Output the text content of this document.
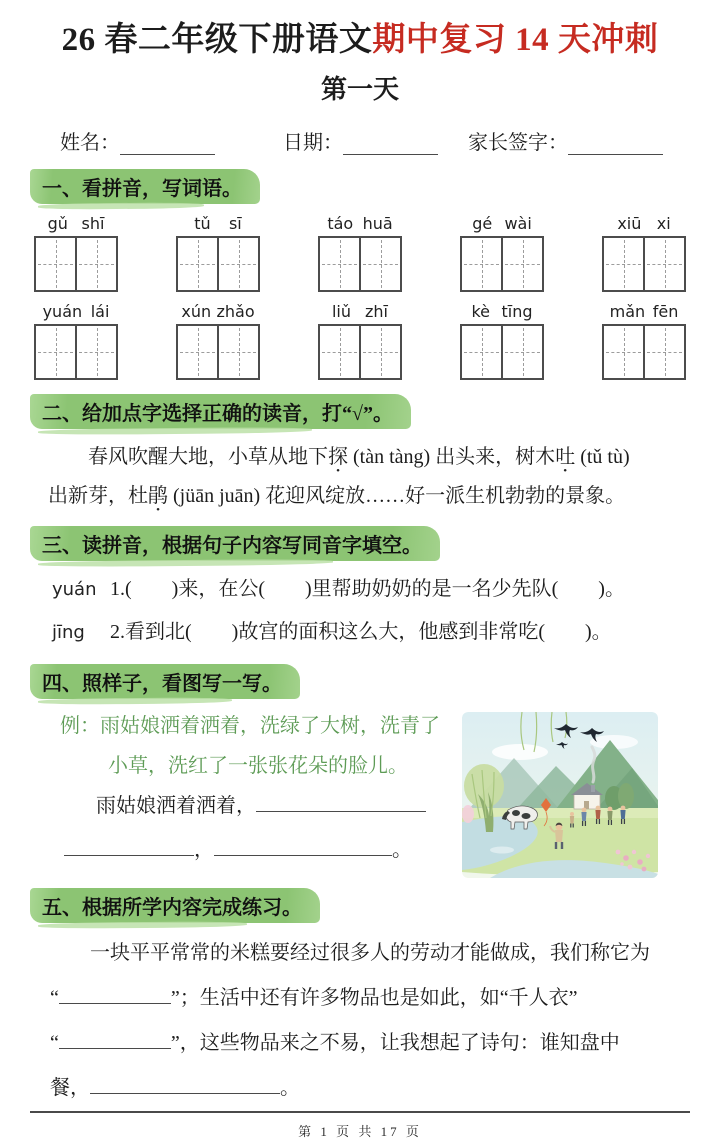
26 春二年级下册语文期中复习 14 天冲刺
第一天
姓名：	日期：	家长签字：
一、看拼音，写词语。
gǔ shī	tǔ sī	táo huā	gé wài	xiū xi
yuán lái	xún zhǎo	liǔ zhī	kè tīng	mǎn fēn
二、给加点字选择正确的读音，打“√”。
春风吹醒大地，小草从地下探 (tàn tàng) 出头来，树木吐 (tǔ tù)
出新芽，杜鹃 (jüān juān) 花迎风绽放……好一派生机勃勃的景象。
三、读拼音，根据句子内容写同音字填空。
yuán 1.(　　)来，在公(　　)里帮助奶奶的是一名少先队(　　)。
jīng	2.看到北(　　)故宫的面积这么大，他感到非常吃(　　)。
四、照样子，看图写一写。
例：雨姑娘洒着洒着，洗绿了大树，洗青了
小草，洗红了一张张花朵的脸儿。
雨姑娘洒着洒着，
，	。
五、根据所学内容完成练习。
一块平平常常的米糕要经过很多人的劳动才能做成，我们称它为
“	”；生活中还有许多物品也是如此，如“千人衣”
“	”，这些物品来之不易，让我想起了诗句：谁知盘中
餐，	。
第 1 页 共 17 页
